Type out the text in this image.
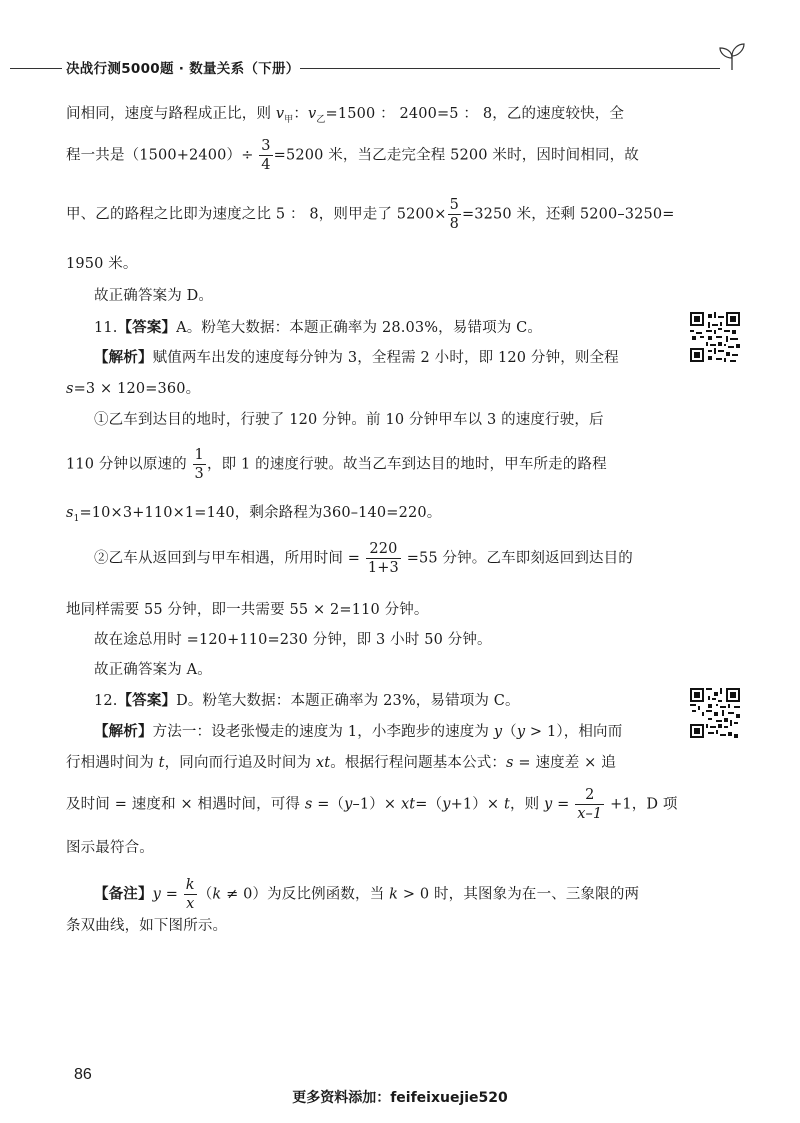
决战行测5000题 · 数量关系（下册）
间相同，速度与路程成正比，则 $v_甲$：$v_乙=1500$ ： 2400=5 ： 8，乙的速度较快，全
程一共是$(1500+2400)\div \frac{3}{4} =5200$ 米，当乙走完全程 5200 米时，因时间相同，故
甲、乙的路程之比即为速度之比 5 ： 8，则甲走了 $5200\times \frac{5}{8} =3250$ 米，还剩 5200–3250=
1950 米。
故正确答案为 D。
11.【答案】A。粉笔大数据：本题正确率为 28.03%，易错项为 C。
【解析】赋值两车出发的速度每分钟为 3，全程需 2 小时，即 120 分钟，则全程
s=3 × 120=360。
①乙车到达目的地时，行驶了 120 分钟。前 10 分钟甲车以 3 的速度行驶，后
110 分钟以原速的 $\frac{1}{3}$ ，即 1 的速度行驶。故当乙车到达目的地时，甲车所走的路程
$s_1=10\times 3+110\times 1=140$，剩余路程为360–140=220。
②乙车从返回到与甲车相遇，所用时间 = $\frac{220}{1+3} =55$ 分钟。乙车即刻返回到达目的
地同样需要 55 分钟，即一共需要 55 × 2=110 分钟。
故在途总用时 =120+110=230 分钟，即 3 小时 50 分钟。
故正确答案为 A。
12.【答案】D。粉笔大数据：本题正确率为 23%，易错项为 C。
【解析】方法一：设老张慢走的速度为 1，小李跑步的速度为 y（y > 1），相向而
行相遇时间为 t，同向而行追及时间为 xt。根据行程问题基本公式：s = 速度差 × 追
及时间 = 速度和 × 相遇时间，可得 s =（y–1）× xt=（y+1）× t，则 $y = \frac{2}{x-1} +1$，D 项
图示最符合。
【备注】$y = \frac{k}{x} (k \ne 0)$为反比例函数，当 k > 0 时，其图象为在一、三象限的两
条双曲线，如下图所示。
86
更多资料添加：feifeixuejie520
